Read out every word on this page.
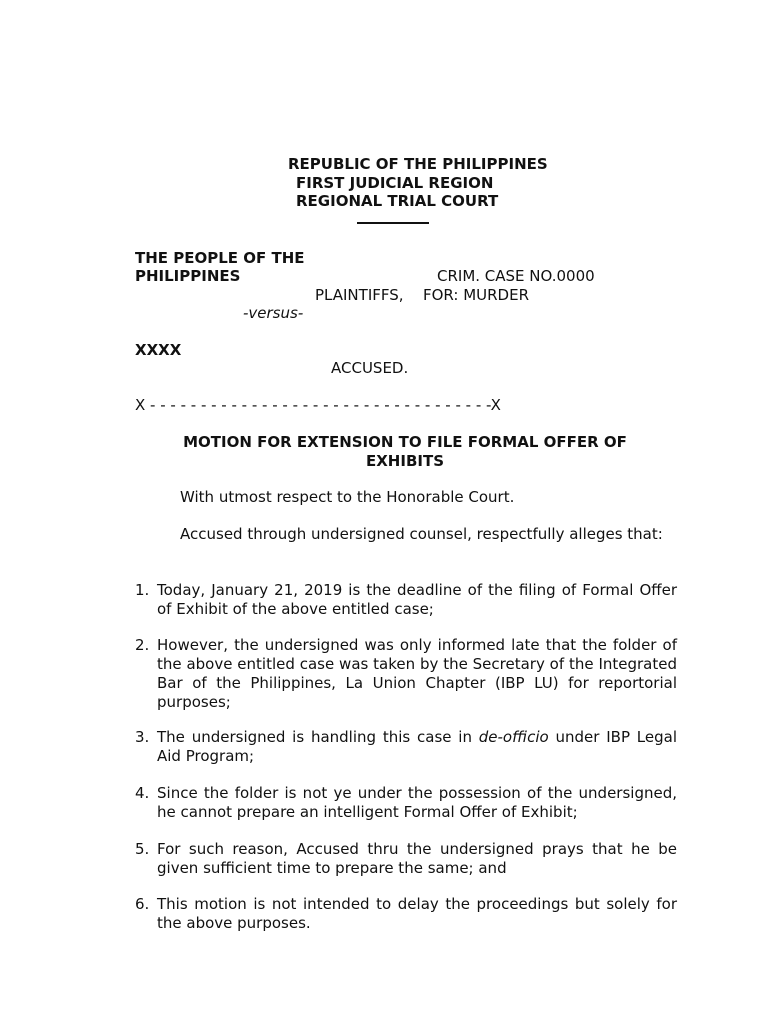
REPUBLIC OF THE PHILIPPINES
FIRST JUDICIAL REGION
REGIONAL TRIAL COURT
THE PEOPLE OF THE
PHILIPPINES	CRIM. CASE NO.0000
PLAINTIFFS, FOR: MURDER
-versus-
XXXX
ACCUSED.
X - - - - - - - - - - - - - - - - - - - - - - - - - - - - - - - - - -X
MOTION FOR EXTENSION TO FILE FORMAL OFFER OF
EXHIBITS
With utmost respect to the Honorable Court.
Accused through undersigned counsel, respectfully alleges that:
1. Today, January 21, 2019 is the deadline of the filing of Formal Offer of Exhibit of the above entitled case;
2. However, the undersigned was only informed late that the folder of the above entitled case was taken by the Secretary of the Integrated Bar of the Philippines, La Union Chapter (IBP LU) for reportorial purposes;
3. The undersigned is handling this case in de-officio under IBP Legal Aid Program;
4. Since the folder is not ye under the possession of the undersigned, he cannot prepare an intelligent Formal Offer of Exhibit;
5. For such reason, Accused thru the undersigned prays that he be given sufficient time to prepare the same; and
6. This motion is not intended to delay the proceedings but solely for the above purposes.
